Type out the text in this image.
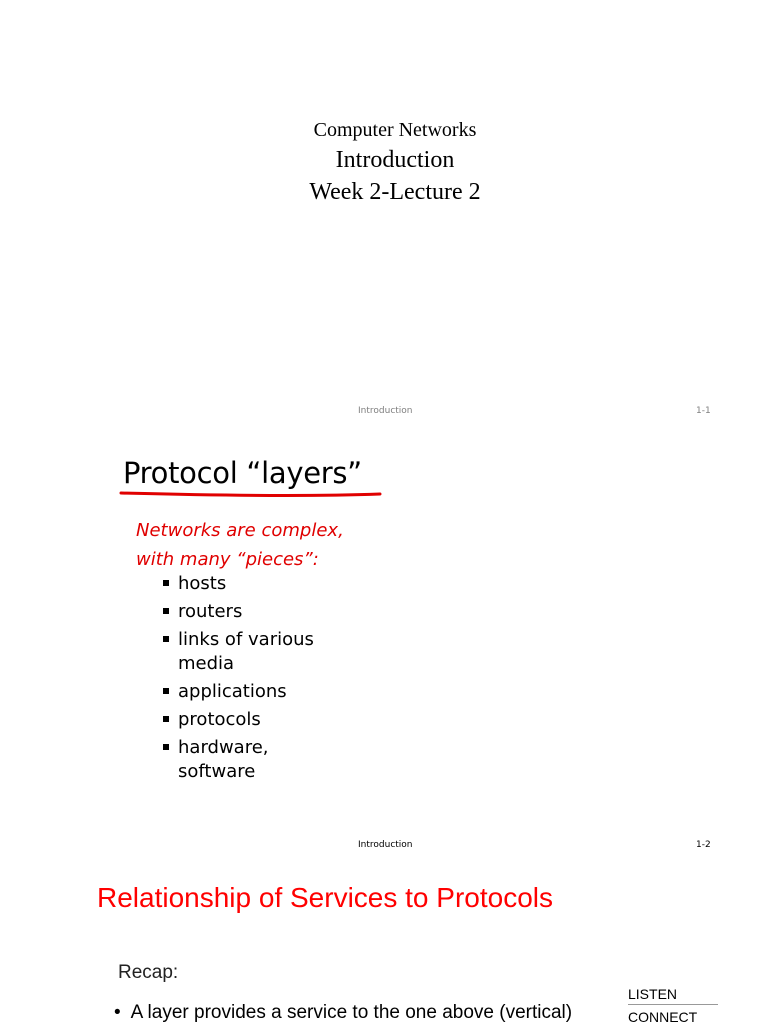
Computer Networks
Introduction
Week 2-Lecture 2
Introduction	1-1
Protocol “layers”
Networks are complex,
with many “pieces”:
hosts
routers
links of various
media
applications
protocols
hardware,
software
Introduction	1-2
Relationship of Services to Protocols
Recap:
• A layer provides a service to the one above (vertical)
LISTEN
CONNECT
